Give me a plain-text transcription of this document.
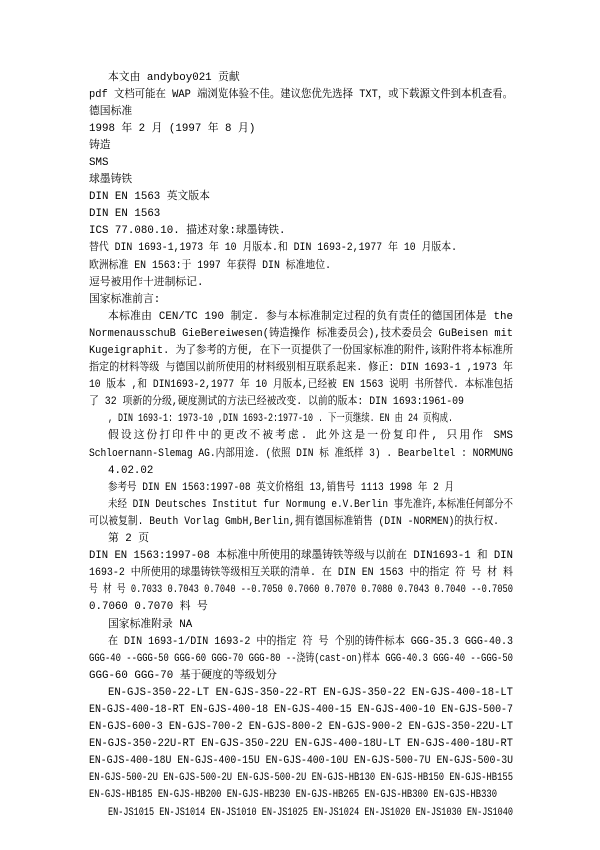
本文由 andyboy021 贡献
pdf 文档可能在 WAP 端浏览体验不佳。建议您优先选择 TXT，或下载源文件到本机查看。
德国标准
1998 年 2 月 (1997 年 8 月)
铸造
SMS
球墨铸铁
DIN EN 1563 英文版本
DIN EN 1563
ICS 77.080.10. 描述对象:球墨铸铁.
替代 DIN 1693-1,1973 年 10 月版本.和 DIN 1693-2,1977 年 10 月版本.
欧洲标准 EN 1563:于 1997 年获得 DIN 标准地位.
逗号被用作十进制标记.
国家标准前言:
本标准由 CEN/TC 190 制定. 参与本标准制定过程的负有责任的德国团体是 the
NormenausschuB GieBereiwesen(铸造操作 标准委员会),技术委员会 GuBeisen mit
Kugeigraphit. 为了参考的方便, 在下一页提供了一份国家标准的附件,该附件将本标准所
指定的材料等级 与德国以前所使用的材料级别相互联系起来. 修正: DIN 1693-1 ,1973 年
10 版本 ,和 DIN1693-2,1977 年 10 月版本,已经被 EN 1563 说明 书所替代. 本标准包括
了 32 项新的分级,硬度测试的方法已经被改变. 以前的版本: DIN 1693:1961-09
, DIN 1693-1: 1973-10 ,DIN 1693-2:1977-10 . 下一页继续. EN 由 24 页构成.
假设这份打印件中的更改不被考虑. 此外这是一份复印件, 只用作 SMS
Schloernann-Slemag AG.内部用途. (依照 DIN 标 准纸样 3) . Bearbeltel : NORMUNG
4.02.02
参考号 DIN EN 1563:1997-08 英文价格组 13,销售号 1113 1998 年 2 月
未经 DIN Deutsches Institut fur Normung e.V.Berlin 事先准许,本标准任何部分不
可以被复制. Beuth Vorlag GmbH,Berlin,拥有德国标准销售 (DIN -NORMEN)的执行权.
第 2 页
DIN EN 1563:1997-08 本标准中所使用的球墨铸铁等级与以前在 DIN1693-1 和 DIN
1693-2 中所使用的球墨铸铁等级相互关联的清单. 在 DIN EN 1563 中的指定 符 号 材 料
号 材 号 0.7033 0.7043 0.7040 --0.7050 0.7060 0.7070 0.7080 0.7043 0.7040 --0.7050
0.7060 0.7070 料 号
国家标准附录 NA
在 DIN 1693-1/DIN 1693-2 中的指定 符 号 个别的铸件标本 GGG-35.3 GGG-40.3
GGG-40 --GGG-50 GGG-60 GGG-70 GGG-80 --浇铸(cast-on)样本 GGG-40.3 GGG-40 --GGG-50
GGG-60 GGG-70 基于硬度的等级划分
EN-GJS-350-22-LT EN-GJS-350-22-RT EN-GJS-350-22 EN-GJS-400-18-LT
EN-GJS-400-18-RT EN-GJS-400-18 EN-GJS-400-15 EN-GJS-400-10 EN-GJS-500-7
EN-GJS-600-3 EN-GJS-700-2 EN-GJS-800-2 EN-GJS-900-2 EN-GJS-350-22U-LT
EN-GJS-350-22U-RT EN-GJS-350-22U EN-GJS-400-18U-LT EN-GJS-400-18U-RT
EN-GJS-400-18U EN-GJS-400-15U EN-GJS-400-10U EN-GJS-500-7U EN-GJS-500-3U
EN-GJS-500-2U EN-GJS-500-2U EN-GJS-500-2U EN-GJS-HB130 EN-GJS-HB150 EN-GJS-HB155
EN-GJS-HB185 EN-GJS-HB200 EN-GJS-HB230 EN-GJS-HB265 EN-GJS-HB300 EN-GJS-HB330
EN-JS1015 EN-JS1014 EN-JS1010 EN-JS1025 EN-JS1024 EN-JS1020 EN-JS1030 EN-JS1040
